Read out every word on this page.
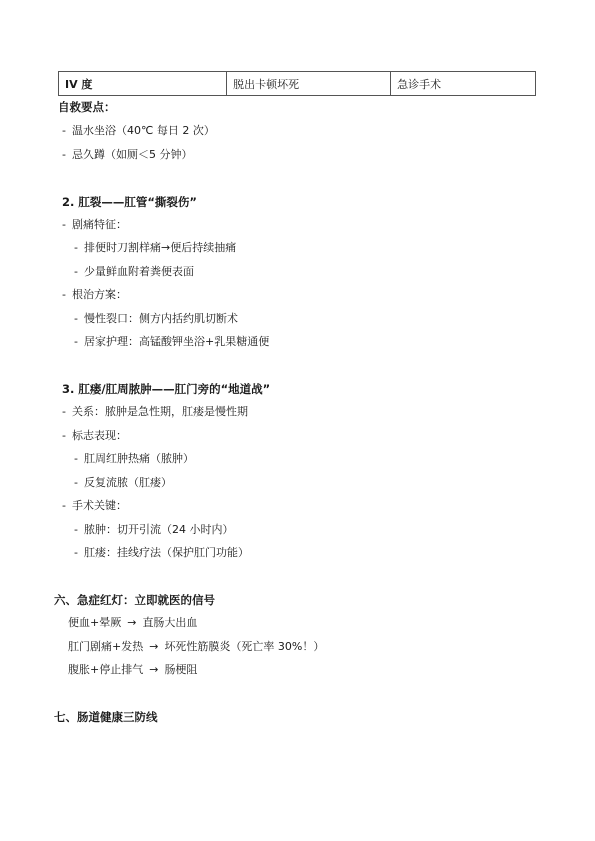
IV 度	脱出卡顿坏死	急诊手术
自救要点：
- 温水坐浴（40℃ 每日 2 次）
- 忌久蹲（如厕＜5 分钟）
2. 肛裂——肛管“撕裂伤”
- 剧痛特征：
- 排便时刀割样痛→便后持续抽痛
- 少量鲜血附着粪便表面
- 根治方案：
- 慢性裂口：侧方内括约肌切断术
- 居家护理：高锰酸钾坐浴+乳果糖通便
3. 肛瘘/肛周脓肿——肛门旁的“地道战”
- 关系：脓肿是急性期，肛瘘是慢性期
- 标志表现：
- 肛周红肿热痛（脓肿）
- 反复流脓（肛瘘）
- 手术关键：
- 脓肿：切开引流（24 小时内）
- 肛瘘：挂线疗法（保护肛门功能）
六、急症红灯：立即就医的信号
便血+晕厥 → 直肠大出血
肛门剧痛+发热 → 坏死性筋膜炎（死亡率 30%！）
腹胀+停止排气 → 肠梗阻
七、肠道健康三防线
